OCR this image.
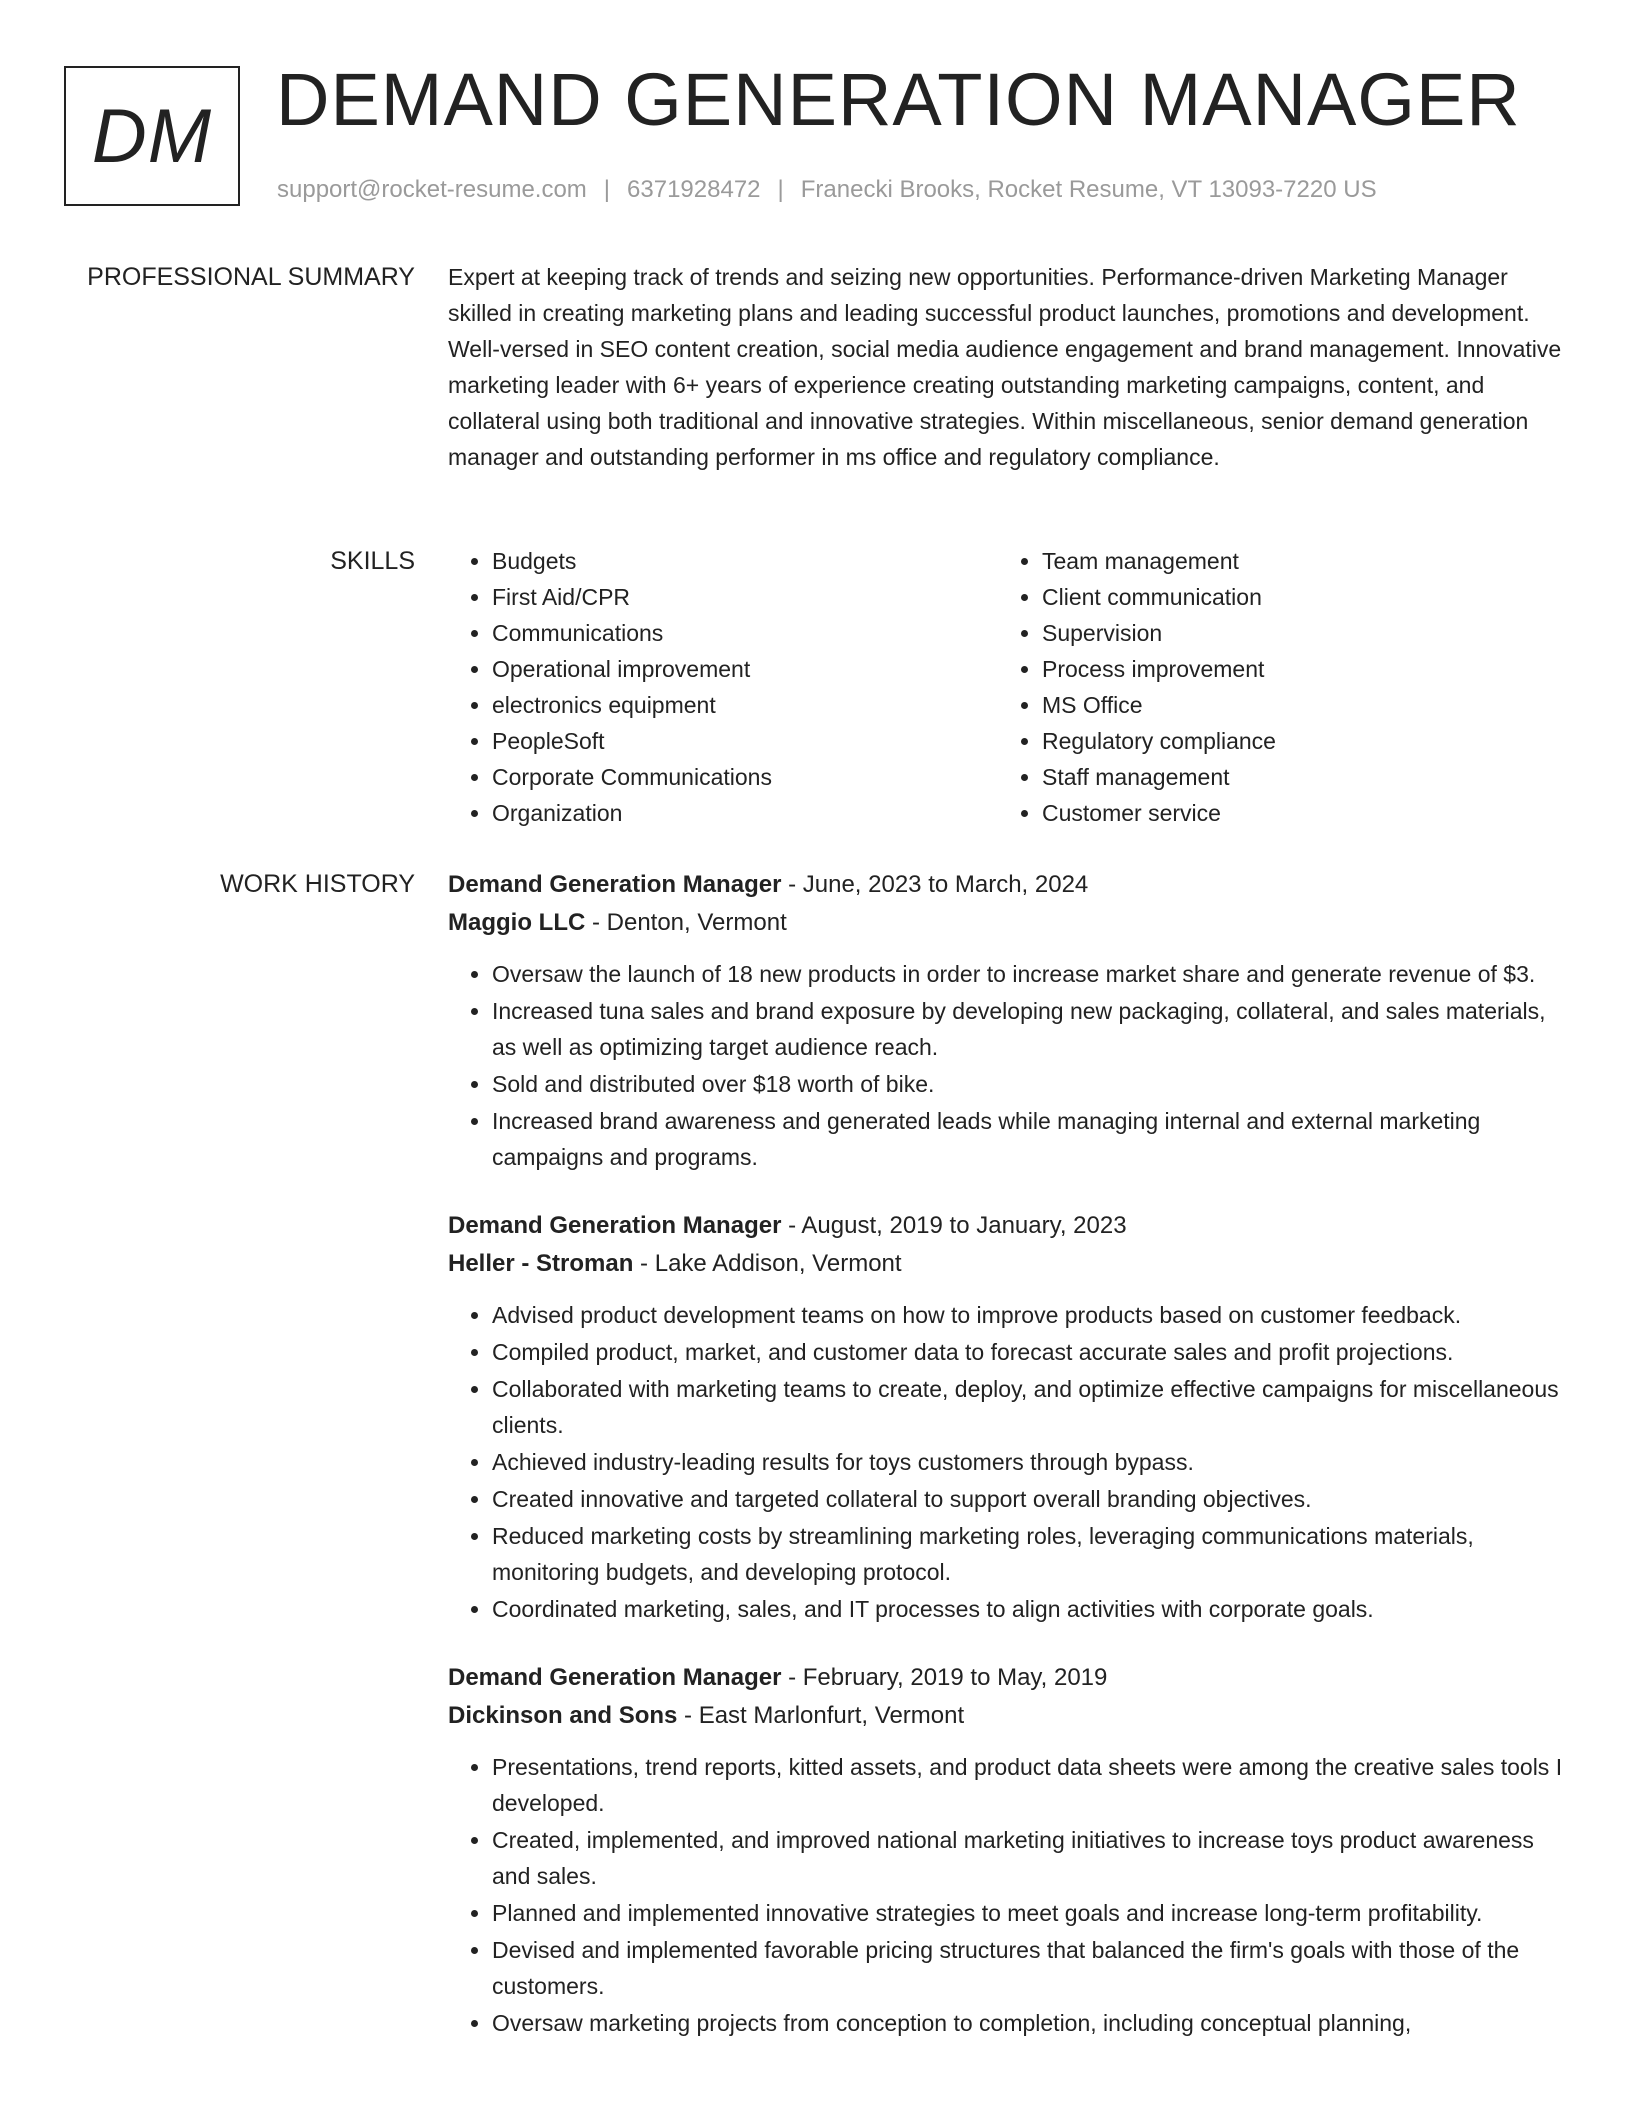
DM DEMAND GENERATION MANAGER
support@rocket-resume.com | 6371928472 | Franecki Brooks, Rocket Resume, VT 13093-7220 US
PROFESSIONAL SUMMARY Expert at keeping track of trends and seizing new opportunities. Performance-driven Marketing Manager skilled in creating marketing plans and leading successful product launches, promotions and development. Well-versed in SEO content creation, social media audience engagement and brand management. Innovative marketing leader with 6+ years of experience creating outstanding marketing campaigns, content, and collateral using both traditional and innovative strategies. Within miscellaneous, senior demand generation manager and outstanding performer in ms office and regulatory compliance.

SKILLS
•	Budgets
• First Aid/CPR
• Communications
• Operational improvement
• electronics equipment
• PeopleSoft
• Corporate Communications
• Organization
• Team management
• Client communication
• Supervision
• Process improvement
• MS Office
• Regulatory compliance
• Staff management
• Customer service
WORK HISTORY Demand Generation Manager - June, 2023 to March, 2024
Maggio LLC - Denton, Vermont
• Oversaw the launch of 18 new products in order to increase market share and generate revenue of $3.
• Increased tuna sales and brand exposure by developing new packaging, collateral, and sales materials, as well as optimizing target audience reach.
• Sold and distributed over $18 worth of bike.
• Increased brand awareness and generated leads while managing internal and external marketing campaigns and programs.
Demand Generation Manager - August, 2019 to January, 2023
Heller - Stroman - Lake Addison, Vermont
• Advised product development teams on how to improve products based on customer feedback.
• Compiled product, market, and customer data to forecast accurate sales and profit projections.
• Collaborated with marketing teams to create, deploy, and optimize effective campaigns for miscellaneous clients.
• Achieved industry-leading results for toys customers through bypass.
• Created innovative and targeted collateral to support overall branding objectives.
• Reduced marketing costs by streamlining marketing roles, leveraging communications materials, monitoring budgets, and developing protocol.
• Coordinated marketing, sales, and IT processes to align activities with corporate goals.
Demand Generation Manager - February, 2019 to May, 2019
Dickinson and Sons - East Marlonfurt, Vermont
• Presentations, trend reports, kitted assets, and product data sheets were among the creative sales tools I developed.
• Created, implemented, and improved national marketing initiatives to increase toys product awareness and sales.
• Planned and implemented innovative strategies to meet goals and increase long-term profitability.
• Devised and implemented favorable pricing structures that balanced the firm's goals with those of the customers.
• Oversaw marketing projects from conception to completion, including conceptual planning,
